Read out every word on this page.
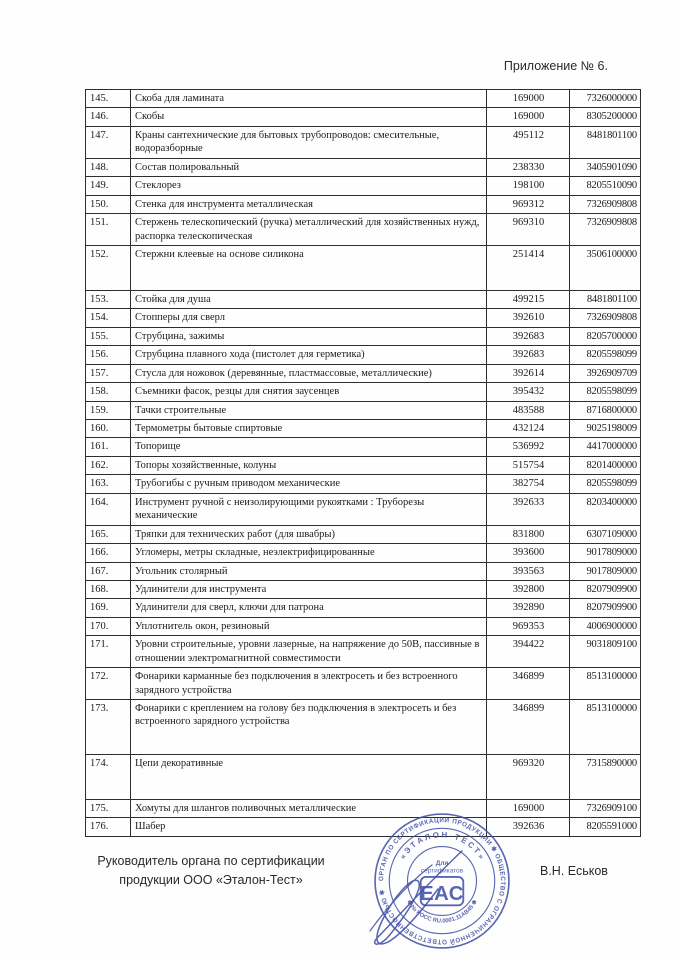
Приложение № 6.
145.	Скоба для ламината	169000	7326000000
146.	Скобы	169000	8305200000
147.	Краны сантехнические для бытовых трубопроводов: смесительные, водоразборные	495112	8481801100
148.	Состав полировальный	238330	3405901090
149.	Стеклорез	198100	8205510090
150.	Стенка для инструмента металлическая	969312	7326909808
151.	Стержень телескопический (ручка) металлический для хозяйственных нужд, распорка телескопическая	969310	7326909808
152.	Стержни клеевые на основе силикона	251414	3506100000
153.	Стойка для душа	499215	8481801100
154.	Стопперы для сверл	392610	7326909808
155.	Струбцина, зажимы	392683	8205700000
156.	Струбцина плавного хода (пистолет для герметика)	392683	8205598099
157.	Стусла для ножовок (деревянные, пластмассовые, металлические)	392614	3926909709
158.	Съемники фасок, резцы для снятия заусенцев	395432	8205598099
159.	Тачки строительные	483588	8716800000
160.	Термометры бытовые спиртовые	432124	9025198009
161.	Топорище	536992	4417000000
162.	Топоры хозяйственные, колуны	515754	8201400000
163.	Трубогибы с ручным приводом механические	382754	8205598099
164.	Инструмент ручной с неизолирующими рукоятками : Труборезы механические	392633	8203400000
165.	Тряпки для технических работ (для швабры)	831800	6307109000
166.	Угломеры, метры складные, неэлектрифицированные	393600	9017809000
167.	Угольник столярный	393563	9017809000
168.	Удлинители для инструмента	392800	8207909900
169.	Удлинители для сверл, ключи для патрона	392890	8207909900
170.	Уплотнитель окон, резиновый	969353	4006900000
171.	Уровни строительные, уровни лазерные, на напряжение до 50В, пассивные в отношении электромагнитной совместимости	394422	9031809100
172.	Фонарики карманные без подключения в электросеть и без встроенного зарядного устройства	346899	8513100000
173.	Фонарики с креплением на голову без подключения в электросеть и без встроенного зарядного устройства	346899	8513100000
174.	Цепи декоративные	969320	7315890000
175.	Хомуты для шлангов поливочных металлические	169000	7326909100
176.	Шабер	392636	8205591000
Руководитель органа по сертификации
продукции ООО «Эталон-Тест»
В.Н. Еськов
ОРГАН ПО СЕРТИФИКАЦИИ ПРОДУКЦИИ ✱ ОБЩЕСТВО С ОГРАНИЧЕННОЙ ОТВЕТСТВЕННОСТЬЮ ✱
« Э Т А Л О Н - Т Е С Т »
✱ № РОСС RU.0001.11АВ45 ✱
Для
сертификатов
ЕАС
